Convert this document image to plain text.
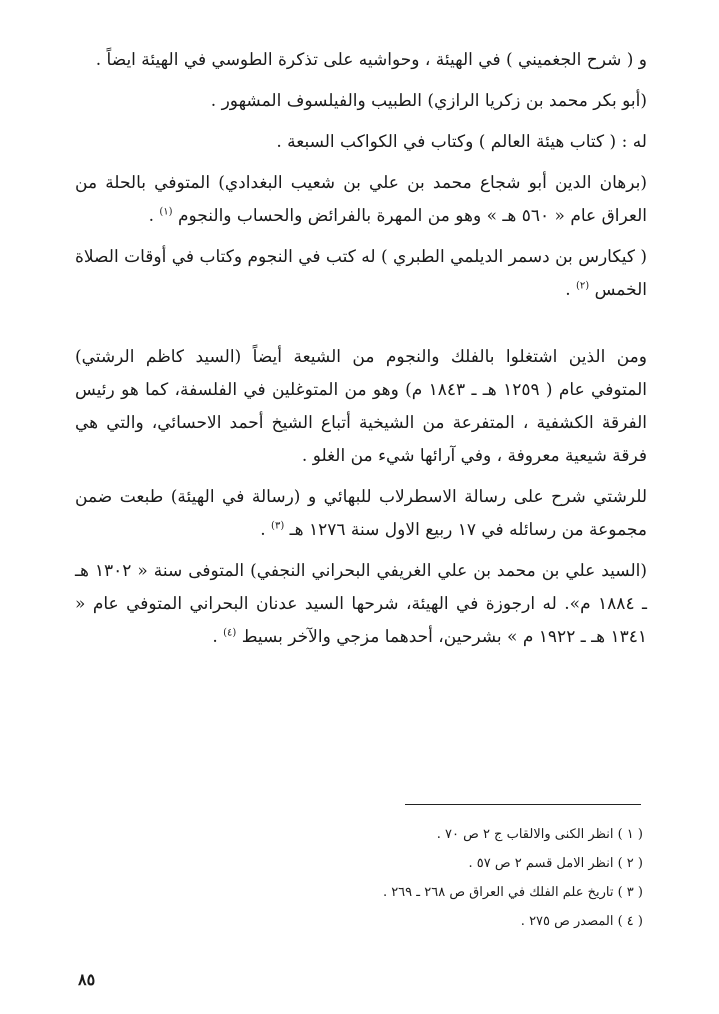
و ( شرح الجغميني ) في الهيئة ، وحواشيه على تذكرة الطوسي في الهيئة ايضاً .

(أبو بكر محمد بن زكريا الرازي) الطبيب والفيلسوف المشهور .

له : ( كتاب هيئة العالم ) وكتاب في الكواكب السبعة .

(برهان الدين أبو شجاع محمد بن علي بن شعيب البغدادي) المتوفي بالحلة من العراق عام « ٥٦٠ هـ » وهو من المهرة بالفرائض والحساب والنجوم $^{(١)}$ .

( كيكارس بن دسمر الديلمي الطبري ) له كتب في النجوم وكتاب في أوقات الصلاة الخمس $^{(٢)}$ .

ومن الذين اشتغلوا بالفلك والنجوم من الشيعة أيضاً (السيد كاظم الرشتي) المتوفي عام ( ١٢٥٩ هـ ـ ١٨٤٣ م) وهو من المتوغلين في الفلسفة، كما هو رئيس الفرقة الكشفية ، المتفرعة من الشيخية أتباع الشيخ أحمد الاحسائي، والتي هي فرقة شيعية معروفة ، وفي آرائها شيء من الغلو .

للرشتي شرح على رسالة الاسطرلاب للبهائي و (رسالة في الهيئة) طبعت ضمن مجموعة من رسائله في ١٧ ربيع الاول سنة ١٢٧٦ هـ $^{(٣)}$ .

(السيد علي بن محمد بن علي الغريفي البحراني النجفي) المتوفى سنة « ١٣٠٢ هـ ـ ١٨٨٤ م». له ارجوزة في الهيئة، شرحها السيد عدنان البحراني المتوفي عام « ١٣٤١ هـ ـ ١٩٢٢ م » بشرحين، أحدهما مزجي والآخر بسيط $^{(٤)}$ .

( ١ ) انظر الكنى والالقاب ج ٢ ص ٧٠ .

( ٢ ) انظر الامل قسم ٢ ص ٥٧ .

( ٣ ) تاريخ علم الفلك في العراق ص ٢٦٨ ـ ٢٦٩ .

( ٤ ) المصدر ص ٢٧٥ .

٨٥
